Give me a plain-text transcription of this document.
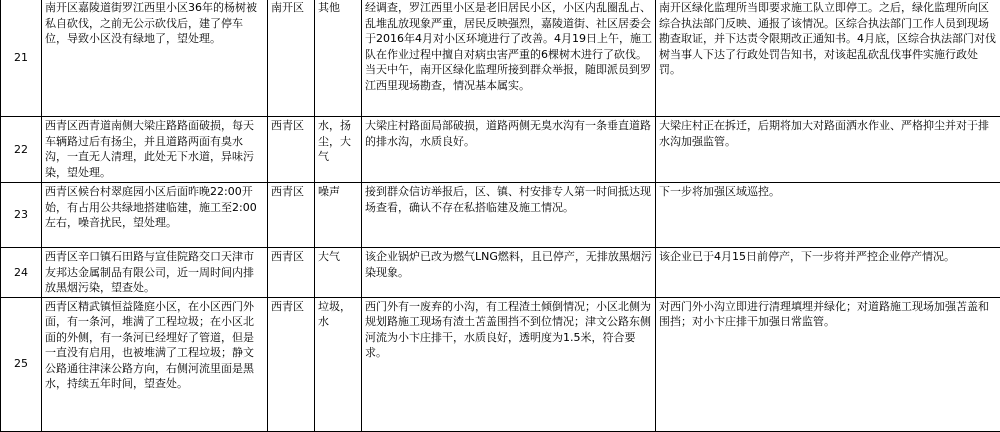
21	南开区嘉陵道街罗江西里小区36年的杨树被私自砍伐，之前无公示砍伐后，建了停车位，导致小区没有绿地了，望处理。	南开区	其他	经调查，罗江西里小区是老旧居民小区，小区内乱圈乱占、乱堆乱放现象严重，居民反映强烈，嘉陵道街、社区居委会于2016年4月对小区环境进行了改善。4月19日上午，施工队在作业过程中擅自对病虫害严重的6棵树木进行了砍伐。当天中午，南开区绿化监理所接到群众举报，随即派员到罗江西里现场勘查，情况基本属实。	南开区绿化监理所当即要求施工队立即停工。之后，绿化监理所向区综合执法部门反映、通报了该情况。区综合执法部门工作人员到现场勘查取证，并下达责令限期改正通知书。4月底，区综合执法部门对伐树当事人下达了行政处罚告知书，对该起乱砍乱伐事件实施行政处罚。
22	西青区西青道南侧大梁庄路路面破损，每天车辆路过后有扬尘，并且道路两面有臭水沟，一直无人清理，此处无下水道，异味污染，望处理。	西青区	水，扬尘，大气	大梁庄村路面局部破损，道路两侧无臭水沟有一条垂直道路的排水沟，水质良好。	大梁庄村正在拆迁，后期将加大对路面洒水作业、严格抑尘并对于排水沟加强监管。
23	西青区候台村翠庭园小区后面昨晚22:00开始，有占用公共绿地搭建临建，施工至2:00左右，噪音扰民，望处理。	西青区	噪声	接到群众信访举报后，区、镇、村安排专人第一时间抵达现场查看，确认不存在私搭临建及施工情况。	下一步将加强区域巡控。
24	西青区辛口镇石田路与宣佳院路交口天津市友邦达金属制品有限公司，近一周时间内排放黑烟污染，望查处。	西青区	大气	该企业锅炉已改为燃气LNG燃料，且已停产，无排放黑烟污染现象。	该企业已于4月15日前停产，下一步将并严控企业停产情况。
25	西青区精武镇恒益隆庭小区，在小区西门外面，有一条河，堆满了工程垃圾；在小区北面的外侧，有一条河已经埋好了管道，但是一直没有启用，也被堆满了工程垃圾；静文公路通往津涞公路方向，右侧河流里面是黑水，持续五年时间，望查处。	西青区	垃圾，水	西门外有一废弃的小沟，有工程渣土倾倒情况；小区北侧为规划路施工现场有渣土苫盖围挡不到位情况；津文公路东侧河流为小卞庄排干，水质良好，透明度为1.5米，符合要求。	对西门外小沟立即进行清理填埋并绿化；对道路施工现场加强苫盖和围挡；对小卞庄排干加强日常监管。
